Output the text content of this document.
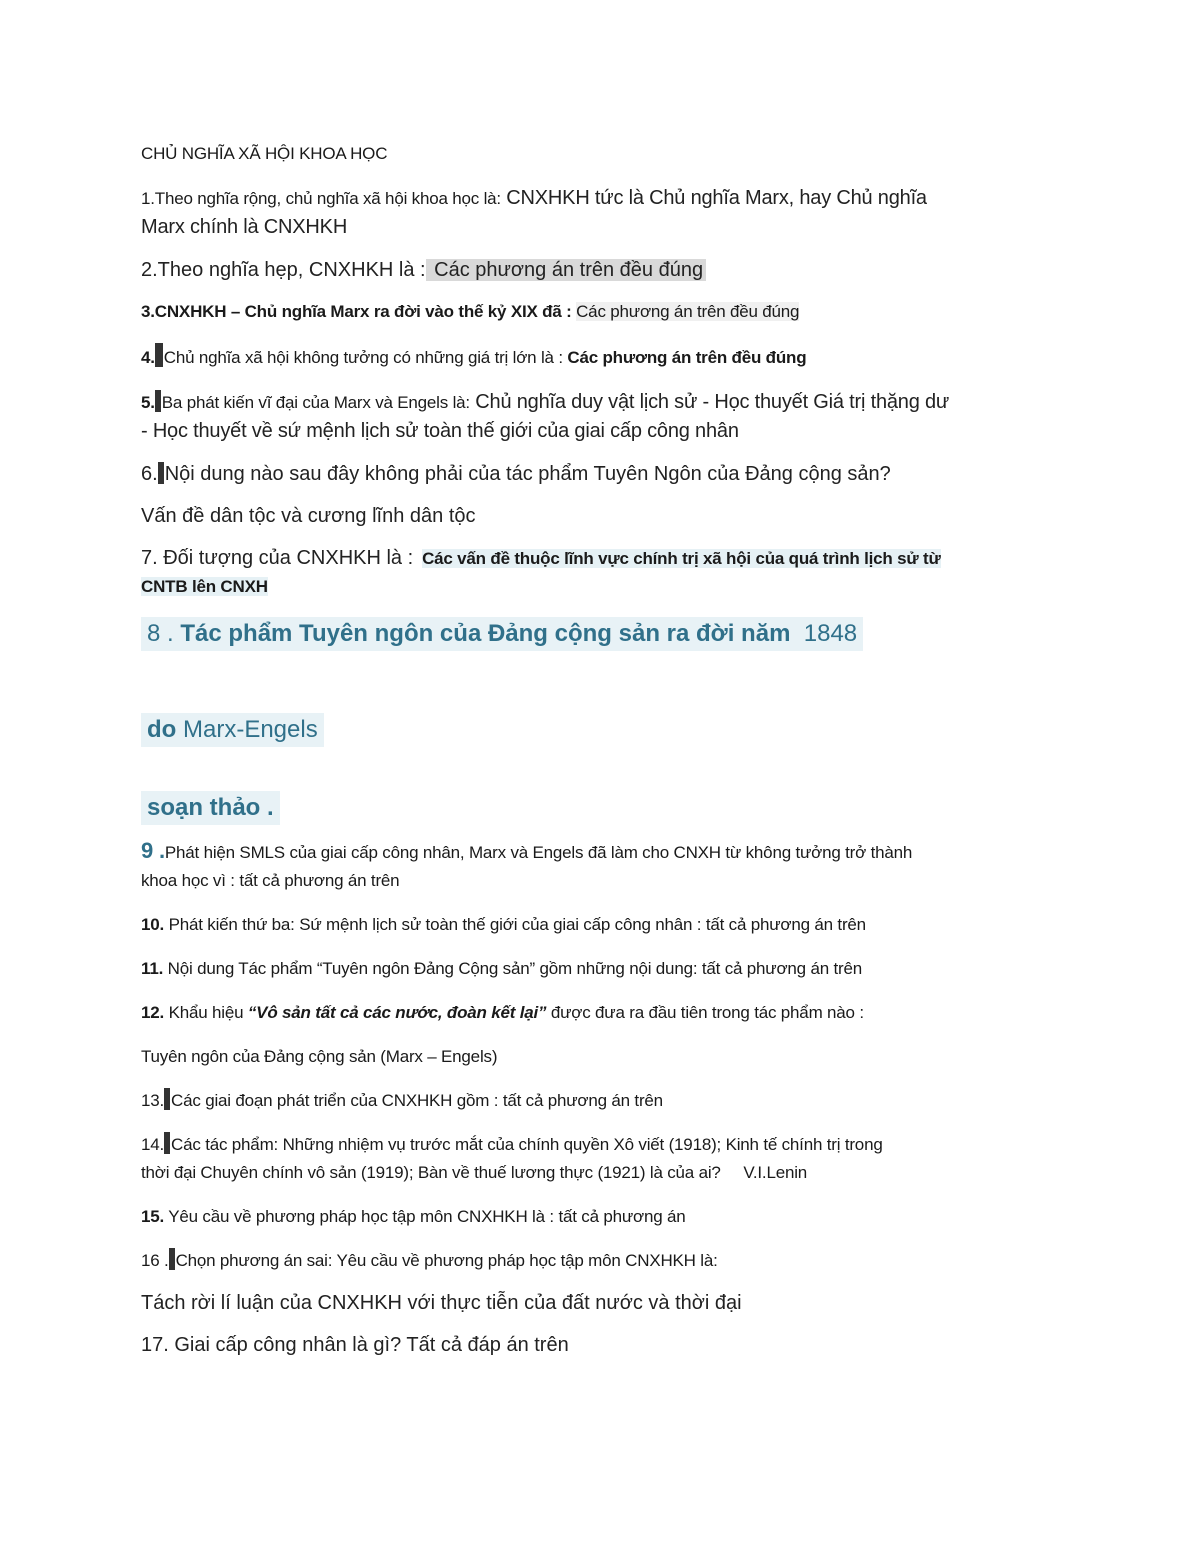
CHỦ NGHĨA XÃ HỘI KHOA HỌC

1.Theo nghĩa rộng, chủ nghĩa xã hội khoa học là: CNXHKH tức là Chủ nghĩa Marx, hay Chủ nghĩa
Marx chính là CNXHKH

2.Theo nghĩa hẹp, CNXHKH là : Các phương án trên đều đúng

3.CNXHKH – Chủ nghĩa Marx ra đời vào thế kỷ XIX đã : Các phương án trên đều đúng

4. Chủ nghĩa xã hội không tưởng có những giá trị lớn là : Các phương án trên đều đúng

5. Ba phát kiến vĩ đại của Marx và Engels là: Chủ nghĩa duy vật lịch sử - Học thuyết Giá trị thặng dư
- Học thuyết về sứ mệnh lịch sử toàn thế giới của giai cấp công nhân

6. Nội dung nào sau đây không phải của tác phẩm Tuyên Ngôn của Đảng cộng sản?

Vấn đề dân tộc và cương lĩnh dân tộc

7. Đối tượng của CNXHKH là : Các vấn đề thuộc lĩnh vực chính trị xã hội của quá trình lịch sử từ
CNTB lên CNXH

8 . Tác phẩm Tuyên ngôn của Đảng cộng sản ra đời năm 1848

do Marx-Engels

soạn thảo .

9 .Phát hiện SMLS của giai cấp công nhân, Marx và Engels đã làm cho CNXH từ không tưởng trở thành
khoa học vì : tất cả phương án trên

10. Phát kiến thứ ba: Sứ mệnh lịch sử toàn thế giới của giai cấp công nhân : tất cả phương án trên

11. Nội dung Tác phẩm “Tuyên ngôn Đảng Cộng sản” gồm những nội dung: tất cả phương án trên

12. Khẩu hiệu “Vô sản tất cả các nước, đoàn kết lại” được đưa ra đầu tiên trong tác phẩm nào :

Tuyên ngôn của Đảng cộng sản (Marx – Engels)

13. Các giai đoạn phát triển của CNXHKH gồm : tất cả phương án trên

14. Các tác phẩm: Những nhiệm vụ trước mắt của chính quyền Xô viết (1918); Kinh tế chính trị trong
thời đại Chuyên chính vô sản (1919); Bàn về thuế lương thực (1921) là của ai? V.I.Lenin

15. Yêu cầu về phương pháp học tập môn CNXHKH là : tất cả phương án

16 . Chọn phương án sai: Yêu cầu về phương pháp học tập môn CNXHKH là:

Tách rời lí luận của CNXHKH với thực tiễn của đất nước và thời đại

17. Giai cấp công nhân là gì? Tất cả đáp án trên
